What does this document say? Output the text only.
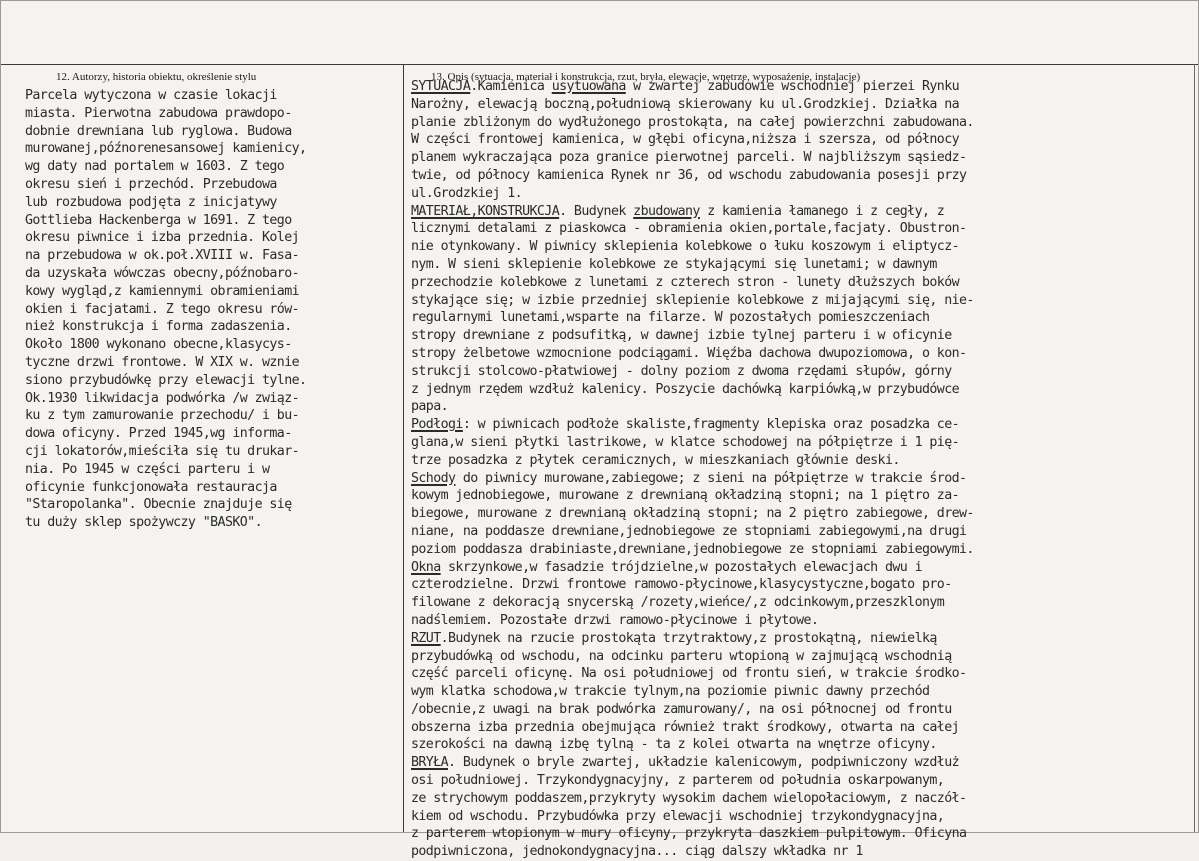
12. Autorzy, historia obiektu, określenie stylu	13. Opis (sytuacja, materiał i konstrukcja, rzut, bryła, elewacje, wnętrze, wyposażenie, instalacje)
Parcela wytyczona w czasie lokacji
miasta. Pierwotna zabudowa prawdopo-
dobnie drewniana lub ryglowa. Budowa
murowanej,późnorenesansowej kamienicy,
wg daty nad portalem w 1603. Z tego
okresu sień i przechód. Przebudowa
lub rozbudowa podjęta z inicjatywy
Gottlieba Hackenberga w 1691. Z tego
okresu piwnice i izba przednia. Kolej
na przebudowa w ok.poł.XVIII w. Fasa-
da uzyskała wówczas obecny,późnobaro-
kowy wygląd,z kamiennymi obramieniami
okien i facjatami. Z tego okresu rów-
nież konstrukcja i forma zadaszenia.
Około 1800 wykonano obecne,klasycys-
tyczne drzwi frontowe. W XIX w. wznie
siono przybudówkę przy elewacji tylne.
Ok.1930 likwidacja podwórka /w związ-
ku z tym zamurowanie przechodu/ i bu-
dowa oficyny. Przed 1945,wg informa-
cji lokatorów,mieściła się tu drukar-
nia. Po 1945 w części parteru i w
oficynie funkcjonowała restauracja
"Staropolanka". Obecnie znajduje się
tu duży sklep spożywczy "BASKO".
SYTUACJA.Kamienica usytuowana w zwartej zabudowie wschodniej pierzei Rynku
Narożny, elewacją boczną,południową skierowany ku ul.Grodzkiej. Działka na
planie zbliżonym do wydłużonego prostokąta, na całej powierzchni zabudowana.
W części frontowej kamienica, w głębi oficyna,niższa i szersza, od północy
planem wykraczająca poza granice pierwotnej parceli. W najbliższym sąsiedz-
twie, od północy kamienica Rynek nr 36, od wschodu zabudowania posesji przy
ul.Grodzkiej 1.
MATERIAŁ,KONSTRUKCJA. Budynek zbudowany z kamienia łamanego i z cegły, z
licznymi detalami z piaskowca - obramienia okien,portale,facjaty. Obustron-
nie otynkowany. W piwnicy sklepienia kolebkowe o łuku koszowym i eliptycz-
nym. W sieni sklepienie kolebkowe ze stykającymi się lunetami; w dawnym
przechodzie kolebkowe z lunetami z czterech stron - lunety dłuższych boków
stykające się; w izbie przedniej sklepienie kolebkowe z mijającymi się, nie-
regularnymi lunetami,wsparte na filarze. W pozostałych pomieszczeniach
stropy drewniane z podsufitką, w dawnej izbie tylnej parteru i w oficynie
stropy żelbetowe wzmocnione podciągami. Więźba dachowa dwupoziomowa, o kon-
strukcji stolcowo-płatwiowej - dolny poziom z dwoma rzędami słupów, górny
z jednym rzędem wzdłuż kalenicy. Poszycie dachówką karpiówką,w przybudówce
papa.
Podłogi: w piwnicach podłoże skaliste,fragmenty klepiska oraz posadzka ce-
glana,w sieni płytki lastrikowe, w klatce schodowej na półpiętrze i 1 pię-
trze posadzka z płytek ceramicznych, w mieszkaniach głównie deski.
Schody do piwnicy murowane,zabiegowe; z sieni na półpiętrze w trakcie środ-
kowym jednobiegowe, murowane z drewnianą okładziną stopni; na 1 piętro za-
biegowe, murowane z drewnianą okładziną stopni; na 2 piętro zabiegowe, drew-
niane, na poddasze drewniane,jednobiegowe ze stopniami zabiegowymi,na drugi
poziom poddasza drabiniaste,drewniane,jednobiegowe ze stopniami zabiegowymi.
Okna skrzynkowe,w fasadzie trójdzielne,w pozostałych elewacjach dwu i
czterodzielne. Drzwi frontowe ramowo-płycinowe,klasycystyczne,bogato pro-
filowane z dekoracją snycerską /rozety,wieńce/,z odcinkowym,przeszklonym
nadślemiem. Pozostałe drzwi ramowo-płycinowe i płytowe.
RZUT.Budynek na rzucie prostokąta trzytraktowy,z prostokątną, niewielką
przybudówką od wschodu, na odcinku parteru wtopioną w zajmującą wschodnią
część parceli oficynę. Na osi południowej od frontu sień, w trakcie środko-
wym klatka schodowa,w trakcie tylnym,na poziomie piwnic dawny przechód
/obecnie,z uwagi na brak podwórka zamurowany/, na osi północnej od frontu
obszerna izba przednia obejmująca również trakt środkowy, otwarta na całej
szerokości na dawną izbę tylną - ta z kolei otwarta na wnętrze oficyny.
BRYŁA. Budynek o bryle zwartej, układzie kalenicowym, podpiwniczony wzdłuż
osi południowej. Trzykondygnacyjny, z parterem od południa oskarpowanym,
ze strychowym poddaszem,przykryty wysokim dachem wielopołaciowym, z naczół-
kiem od wschodu. Przybudówka przy elewacji wschodniej trzykondygnacyjna,
z parterem wtopionym w mury oficyny, przykryta daszkiem pulpitowym. Oficyna
podpiwniczona, jednokondygnacyjna... ciąg dalszy wkładka nr 1
